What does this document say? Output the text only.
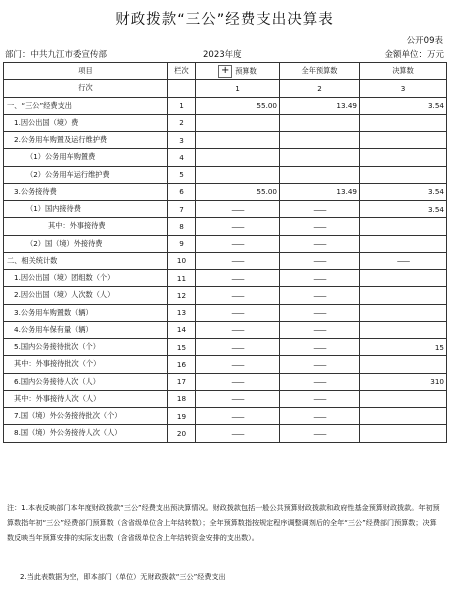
财政拨款“三公”经费支出决算表
公开09表
部门：中共九江市委宣传部	2023年度	金额单位：万元
项目	栏次	+ 预算数	全年预算数	决算数
行次		1	2	3
一、“三公”经费支出	1	55.00	13.49	3.54
1.因公出国（境）费	2			
2.公务用车购置及运行维护费	3			
（1）公务用车购置费	4			
（2）公务用车运行维护费	5			
3.公务接待费	6	55.00	13.49	3.54
（1）国内接待费	7	——	——	3.54
其中：外事接待费	8	——	——	
（2）国（境）外接待费	9	——	——	
二、相关统计数	10	——	——	——
1.因公出国（境）团组数（个）	11	——	——	
2.因公出国（境）人次数（人）	12	——	——	
3.公务用车购置数（辆）	13	——	——	
4.公务用车保有量（辆）	14	——	——	
5.国内公务接待批次（个）	15	——	——	15
其中：外事接待批次（个）	16	——	——	
6.国内公务接待人次（人）	17	——	——	310
其中：外事接待人次（人）	18	——	——	
7.国（境）外公务接待批次（个）	19	——	——	
8.国（境）外公务接待人次（人）	20	——	——	
注：1.本表反映部门本年度财政拨款“三公”经费支出预决算情况。财政拨款包括一般公共预算财政拨款和政府性基金预算财政拨款。年初预算数指年初“三公”经费部门预算数（含省级单位含上年结转数）；全年预算数指按规定程序调整调剂后的全年“三公”经费部门预算数；决算数反映当年预算安排的实际支出数（含省级单位含上年结转资金安排的支出数）。
2.当此表数据为空，即本部门（单位）无财政拨款“三公”经费支出
